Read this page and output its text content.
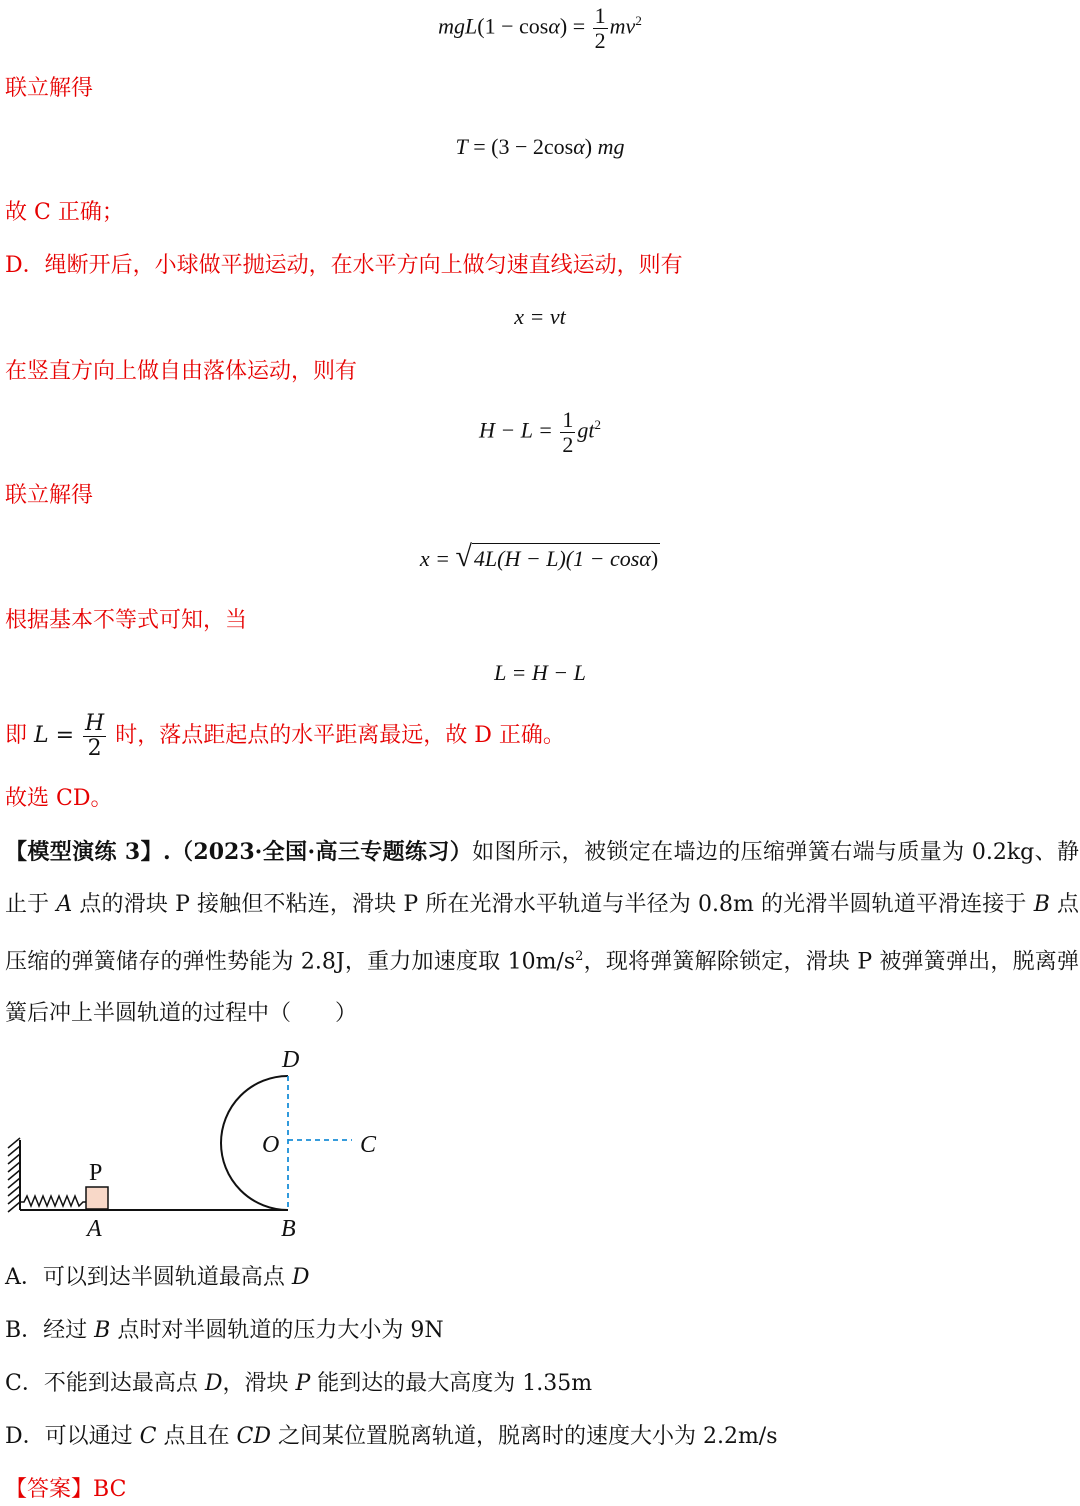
$mgL(1 - \cos\alpha) = \frac{1}{2} mv^2$
联立解得
T = (3 − 2cosα) mg
故 C 正确；
D．绳断开后，小球做平抛运动，在水平方向上做匀速直线运动，则有
x = vt
在竖直方向上做自由落体运动，则有
$H - L = \frac{1}{2} gt^2$
联立解得
x = √4L(H − L)(1 − cosα)
根据基本不等式可知，当
L = H − L
即 $L = \frac{H}{2}$ 时，落点距起点的水平距离最远，故 D 正确。
故选 CD。
【模型演练 3】.（2023·全国·高三专题练习）如图所示，被锁定在墙边的压缩弹簧右端与质量为 0.2kg、静止于 A 点的滑块 P 接触但不粘连，滑块 P 所在光滑水平轨道与半径为 0.8m 的光滑半圆轨道平滑连接于 B 点压缩的弹簧储存的弹性势能为 2.8J，重力加速度取 $10m/s^2$，现将弹簧解除锁定，滑块 P 被弹簧弹出，脱离弹簧后冲上半圆轨道的过程中（　　）
P
A
D
O	C
B
A．可以到达半圆轨道最高点 D
B．经过 B 点时对半圆轨道的压力大小为 9N
C．不能到达最高点 D，滑块 P 能到达的最大高度为 1.35m
D．可以通过 C 点且在 CD 之间某位置脱离轨道，脱离时的速度大小为 2.2m/s
【答案】BC
